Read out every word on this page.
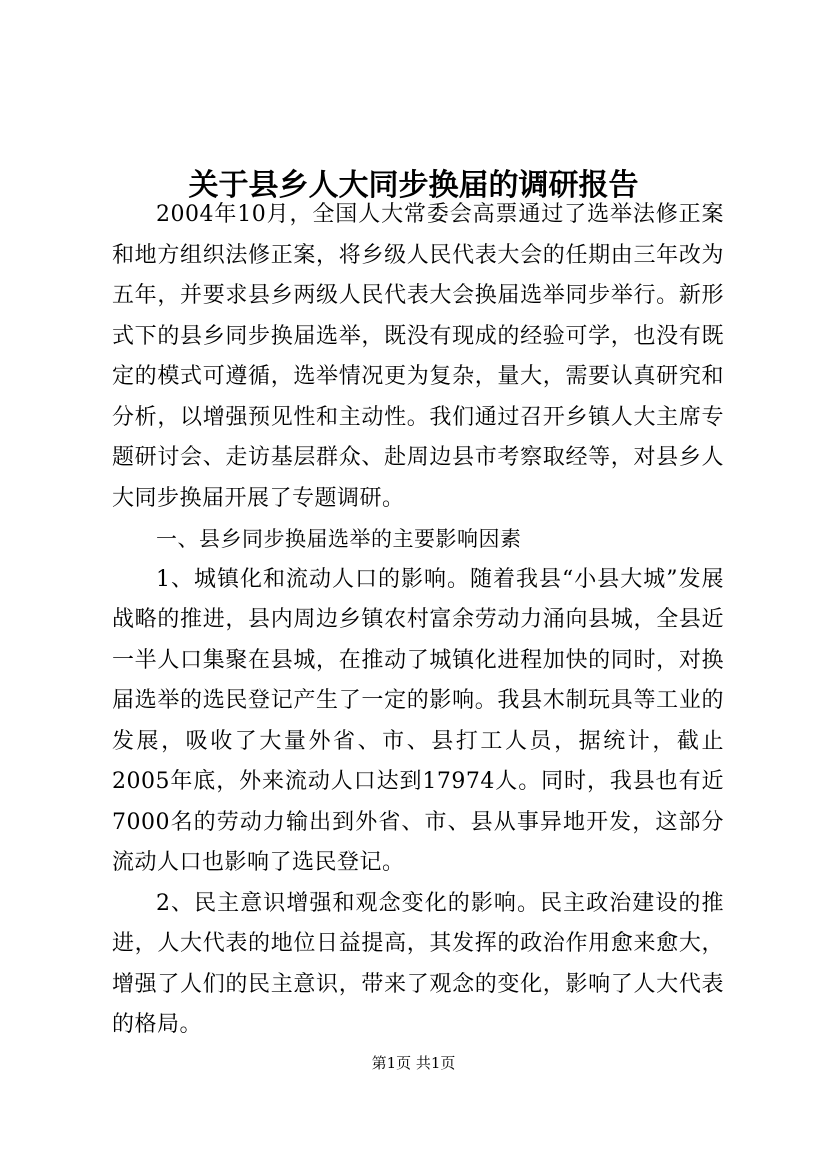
关于县乡人大同步换届的调研报告

2004年10月，全国人大常委会高票通过了选举法修正案和地方组织法修正案，将乡级人民代表大会的任期由三年改为五年，并要求县乡两级人民代表大会换届选举同步举行。新形式下的县乡同步换届选举，既没有现成的经验可学，也没有既定的模式可遵循，选举情况更为复杂，量大，需要认真研究和分析，以增强预见性和主动性。我们通过召开乡镇人大主席专题研讨会、走访基层群众、赴周边县市考察取经等，对县乡人大同步换届开展了专题调研。

一、县乡同步换届选举的主要影响因素

1、城镇化和流动人口的影响。随着我县“小县大城”发展战略的推进，县内周边乡镇农村富余劳动力涌向县城，全县近一半人口集聚在县城，在推动了城镇化进程加快的同时，对换届选举的选民登记产生了一定的影响。我县木制玩具等工业的发展，吸收了大量外省、市、县打工人员，据统计，截止2005年底，外来流动人口达到17974人。同时，我县也有近7000名的劳动力输出到外省、市、县从事异地开发，这部分流动人口也影响了选民登记。

2、民主意识增强和观念变化的影响。民主政治建设的推进，人大代表的地位日益提高，其发挥的政治作用愈来愈大，增强了人们的民主意识，带来了观念的变化，影响了人大代表的格局。

第1页 共1页
